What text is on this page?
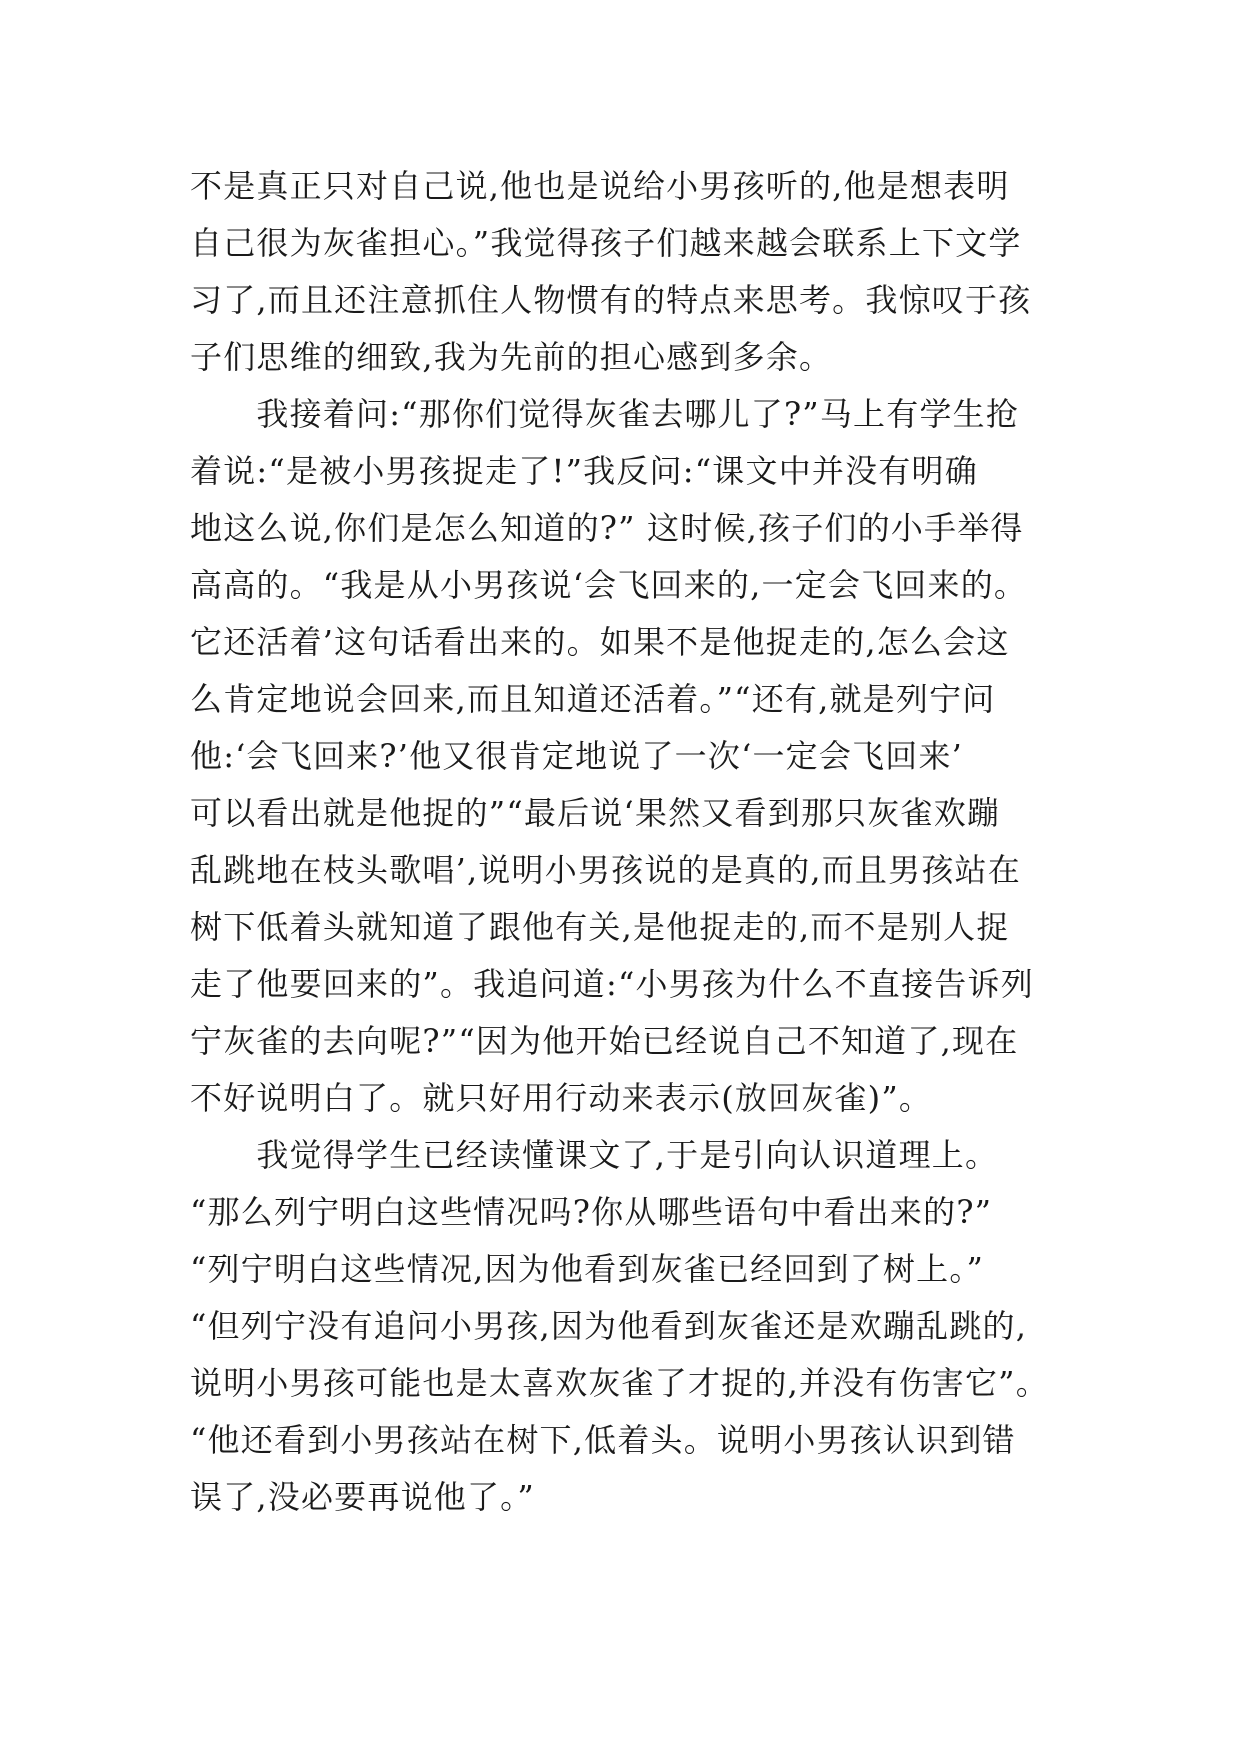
不是真正只对自己说,他也是说给小男孩听的,他是想表明
自己很为灰雀担心。”我觉得孩子们越来越会联系上下文学
习了,而且还注意抓住人物惯有的特点来思考。我惊叹于孩
子们思维的细致,我为先前的担心感到多余。
　　我接着问:“那你们觉得灰雀去哪儿了?”马上有学生抢
着说:“是被小男孩捉走了!”我反问:“课文中并没有明确
地这么说,你们是怎么知道的?” 这时候,孩子们的小手举得
高高的。“我是从小男孩说‘会飞回来的,一定会飞回来的。
它还活着’这句话看出来的。如果不是他捉走的,怎么会这
么肯定地说会回来,而且知道还活着。”“还有,就是列宁问
他:‘会飞回来?’他又很肯定地说了一次‘一定会飞回来’
可以看出就是他捉的”“最后说‘果然又看到那只灰雀欢蹦
乱跳地在枝头歌唱’,说明小男孩说的是真的,而且男孩站在
树下低着头就知道了跟他有关,是他捉走的,而不是别人捉
走了他要回来的”。我追问道:“小男孩为什么不直接告诉列
宁灰雀的去向呢?”“因为他开始已经说自己不知道了,现在
不好说明白了。就只好用行动来表示(放回灰雀)”。
　　我觉得学生已经读懂课文了,于是引向认识道理上。
“那么列宁明白这些情况吗?你从哪些语句中看出来的?”
“列宁明白这些情况,因为他看到灰雀已经回到了树上。”
“但列宁没有追问小男孩,因为他看到灰雀还是欢蹦乱跳的,
说明小男孩可能也是太喜欢灰雀了才捉的,并没有伤害它”。
“他还看到小男孩站在树下,低着头。说明小男孩认识到错
误了,没必要再说他了。”
